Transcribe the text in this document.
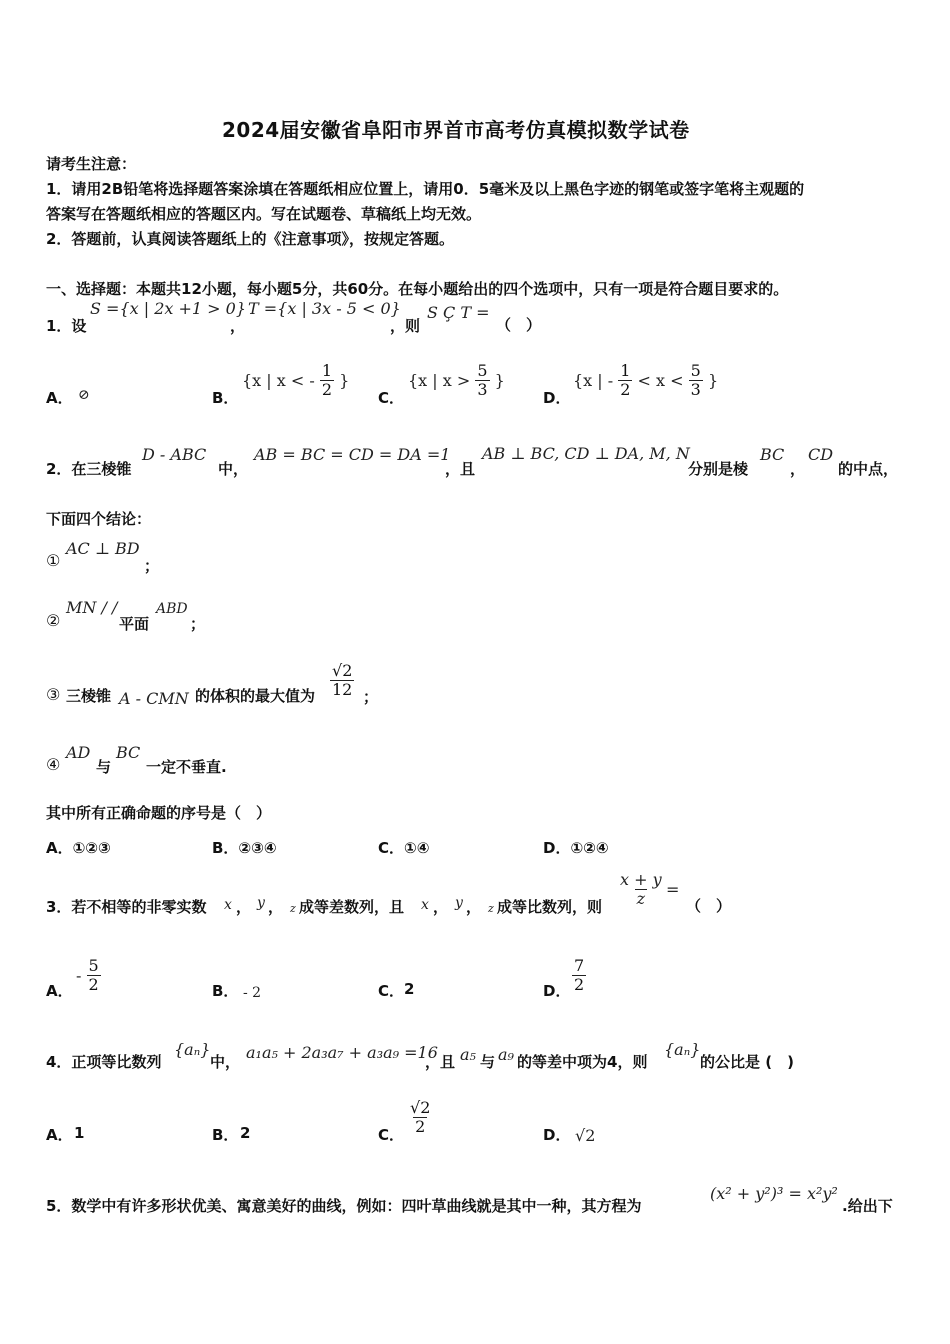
2024届安徽省阜阳市界首市高考仿真模拟数学试卷
请考生注意：
1．请用2B铅笔将选择题答案涂填在答题纸相应位置上，请用0．5毫米及以上黑色字迹的钢笔或签字笔将主观题的
答案写在答题纸相应的答题区内。写在试题卷、草稿纸上均无效。
2．答题前，认真阅读答题纸上的《注意事项》，按规定答题。
一、选择题：本题共12小题，每小题5分，共60分。在每小题给出的四个选项中，只有一项是符合题目要求的。
1．设
S ={x | 2x +1 > 0}
，
T ={x | 3x - 5 < 0}
，则
S Ç T =
（　）
A． ⊘	B．
{x | x < - $\frac{1}{2}$ }
C．
{x | $x > \frac{5}{3}$ }
D．
{x | - $\frac{1}{2} < x < \frac{5}{3}$ }
2．在三棱锥
D - ABC
中，
AB = BC = CD = DA =1
，且
AB ⊥ BC, CD ⊥ DA, M, N
分别是棱
BC
，
CD
的中点，
下面四个结论：
①
AC ⊥ BD
；
②
MN / /
平面
ABD
；
③ 三棱锥 A - CMN 的体积的最大值为 $\frac{√2}{12}$ ；
④
AD
与
BC
一定不垂直.
其中所有正确命题的序号是（　）
A．①②③	B．②③④	C．①④	D．①②④
3．若不相等的非零实数 x ， y ， z 成等差数列，且 x ， y ， z 成等比数列，则 $\frac{x + y}{z}$ =
（　）
A．
- $\frac{5}{2}$	B． - 2	C． 2	D． $\frac{7}{2}$
4．正项等比数列
{aₙ}
中， a₁a₅ + 2a₃a₇ + a₃a₉ =16
，且 a₅ 与 a₉ 的等差中项为4，则
{aₙ}
的公比是 (　)
A． 1	B． 2	C． $\frac{√2}{2}$	D． √2
5．数学中有许多形状优美、寓意美好的曲线，例如：四叶草曲线就是其中一种，其方程为
(x² + y²)³ = x²y²
.给出下
